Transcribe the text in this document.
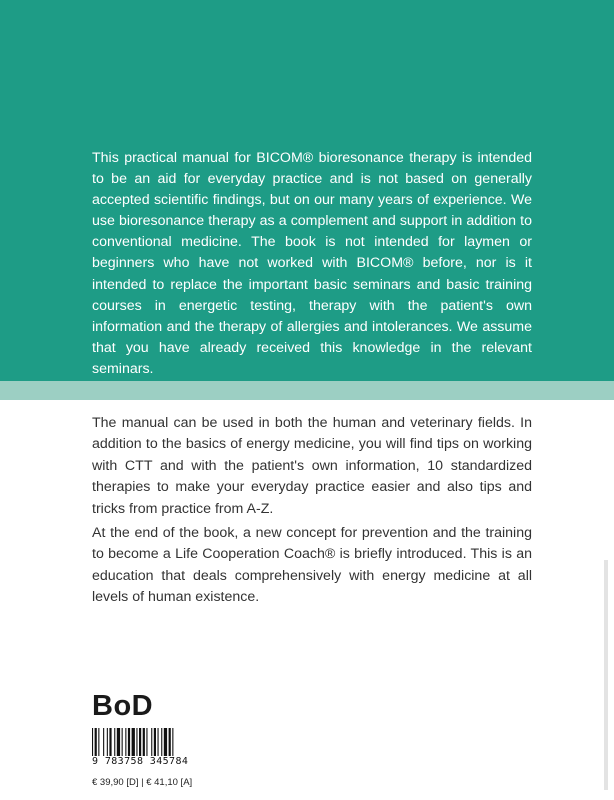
This practical manual for BICOM® bioresonance therapy is intended to be an aid for everyday practice and is not based on generally accepted scientific findings, but on our many years of experience. We use bioresonance therapy as a complement and support in addition to conventional medicine. The book is not intended for laymen or beginners who have not worked with BICOM® before, nor is it intended to replace the important basic seminars and basic training courses in energetic testing, therapy with the patient's own information and the therapy of allergies and intolerances. We assume that you have already received this knowledge in the relevant seminars.

The manual can be used in both the human and veterinary fields. In addition to the basics of energy medicine, you will find tips on working with CTT and with the patient's own information, 10 standardized therapies to make your everyday practice easier and also tips and tricks from practice from A-Z.

At the end of the book, a new concept for prevention and the training to become a Life Cooperation Coach® is briefly introduced. This is an education that deals comprehensively with energy medicine at all levels of human existence.

BoD
9 783758 345784
€ 39,90 [D] | € 41,10 [A]
